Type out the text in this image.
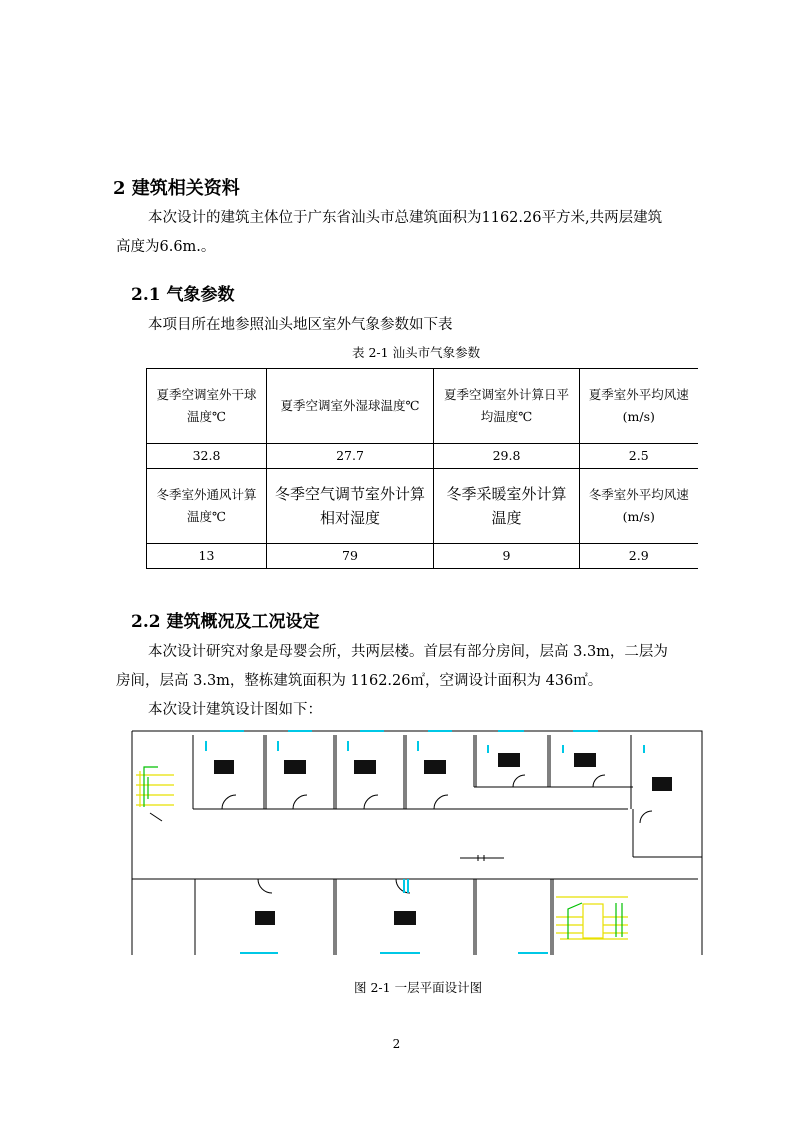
2 建筑相关资料
本次设计的建筑主体位于广东省汕头市总建筑面积为1162.26平方米,共两层建筑
高度为6.6m.。
2.1 气象参数
本项目所在地参照汕头地区室外气象参数如下表
表 2-1 汕头市气象参数
夏季空调室外干球温度℃	夏季空调室外湿球温度℃	夏季空调室外计算日平均温度℃	夏季室外平均风速(m/s)
32.8	27.7	29.8	2.5
冬季室外通风计算温度℃	冬季空气调节室外计算相对湿度	冬季采暖室外计算温度	冬季室外平均风速(m/s)
13	79	9	2.9
2.2 建筑概况及工况设定
本次设计研究对象是母婴会所，共两层楼。首层有部分房间，层高 3.3m，二层为
房间，层高 3.3m，整栋建筑面积为 1162.26㎡，空调设计面积为 436㎡。
本次设计建筑设计图如下：
图 2-1 一层平面设计图
2
